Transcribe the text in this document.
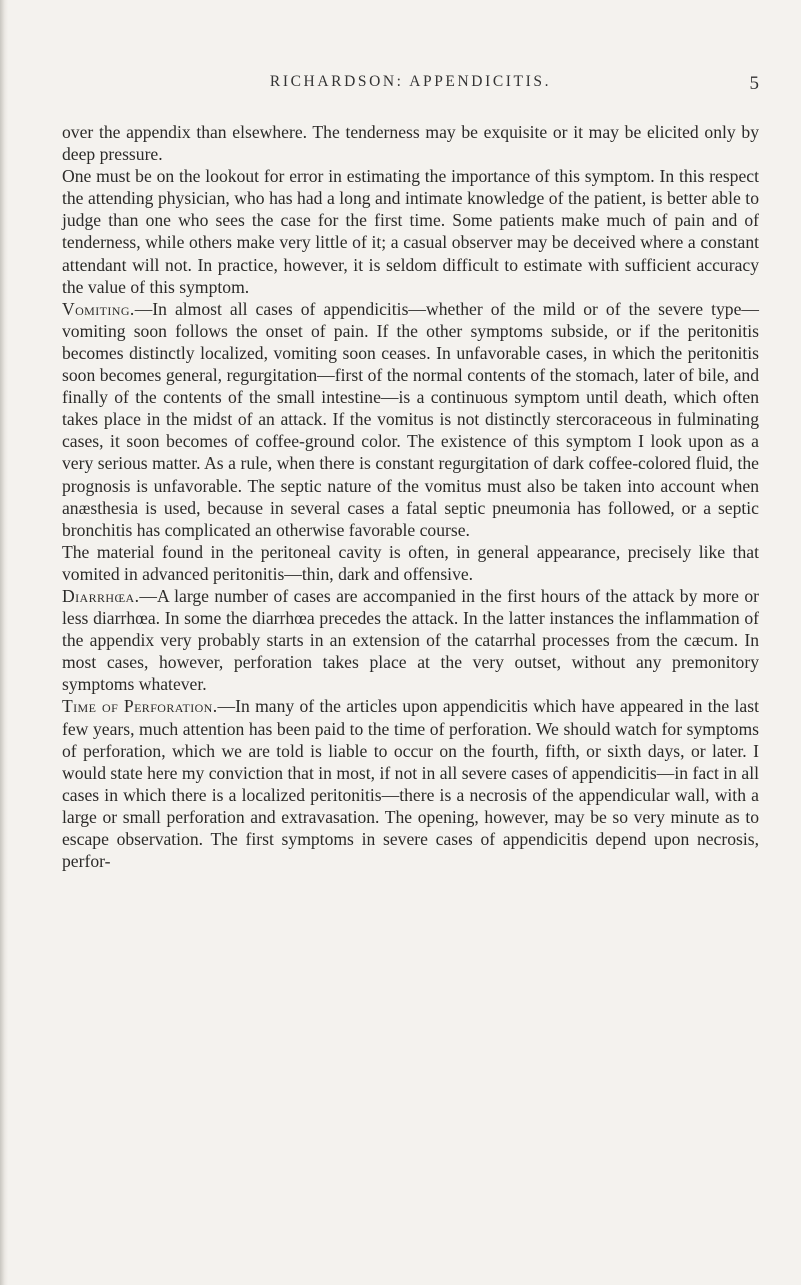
RICHARDSON: APPENDICITIS.	5

over the appendix than elsewhere. The tenderness may be exquisite or it may be elicited only by deep pressure.

One must be on the lookout for error in estimating the importance of this symptom. In this respect the attending physician, who has had a long and intimate knowledge of the patient, is better able to judge than one who sees the case for the first time. Some patients make much of pain and of tenderness, while others make very little of it; a casual observer may be deceived where a constant attendant will not. In practice, however, it is seldom difficult to estimate with sufficient accuracy the value of this symptom.

Vomiting.—In almost all cases of appendicitis—whether of the mild or of the severe type—vomiting soon follows the onset of pain. If the other symptoms subside, or if the peritonitis becomes distinctly localized, vomiting soon ceases. In unfavorable cases, in which the peritonitis soon becomes general, regurgitation—first of the normal contents of the stomach, later of bile, and finally of the contents of the small intestine—is a continuous symptom until death, which often takes place in the midst of an attack. If the vomitus is not distinctly stercoraceous in fulminating cases, it soon becomes of coffee-ground color. The existence of this symptom I look upon as a very serious matter. As a rule, when there is constant regurgitation of dark coffee-colored fluid, the prognosis is unfavorable. The septic nature of the vomitus must also be taken into account when anæsthesia is used, because in several cases a fatal septic pneumonia has followed, or a septic bronchitis has complicated an otherwise favorable course.

The material found in the peritoneal cavity is often, in general appearance, precisely like that vomited in advanced peritonitis—thin, dark and offensive.

Diarrhœa.—A large number of cases are accompanied in the first hours of the attack by more or less diarrhœa. In some the diarrhœa precedes the attack. In the latter instances the inflammation of the appendix very probably starts in an extension of the catarrhal processes from the cæcum. In most cases, however, perforation takes place at the very outset, without any premonitory symptoms whatever.

Time of Perforation.—In many of the articles upon appendicitis which have appeared in the last few years, much attention has been paid to the time of perforation. We should watch for symptoms of perforation, which we are told is liable to occur on the fourth, fifth, or sixth days, or later. I would state here my conviction that in most, if not in all severe cases of appendicitis—in fact in all cases in which there is a localized peritonitis—there is a necrosis of the appendicular wall, with a large or small perforation and extravasation. The opening, however, may be so very minute as to escape observation. The first symptoms in severe cases of appendicitis depend upon necrosis, perfor-
